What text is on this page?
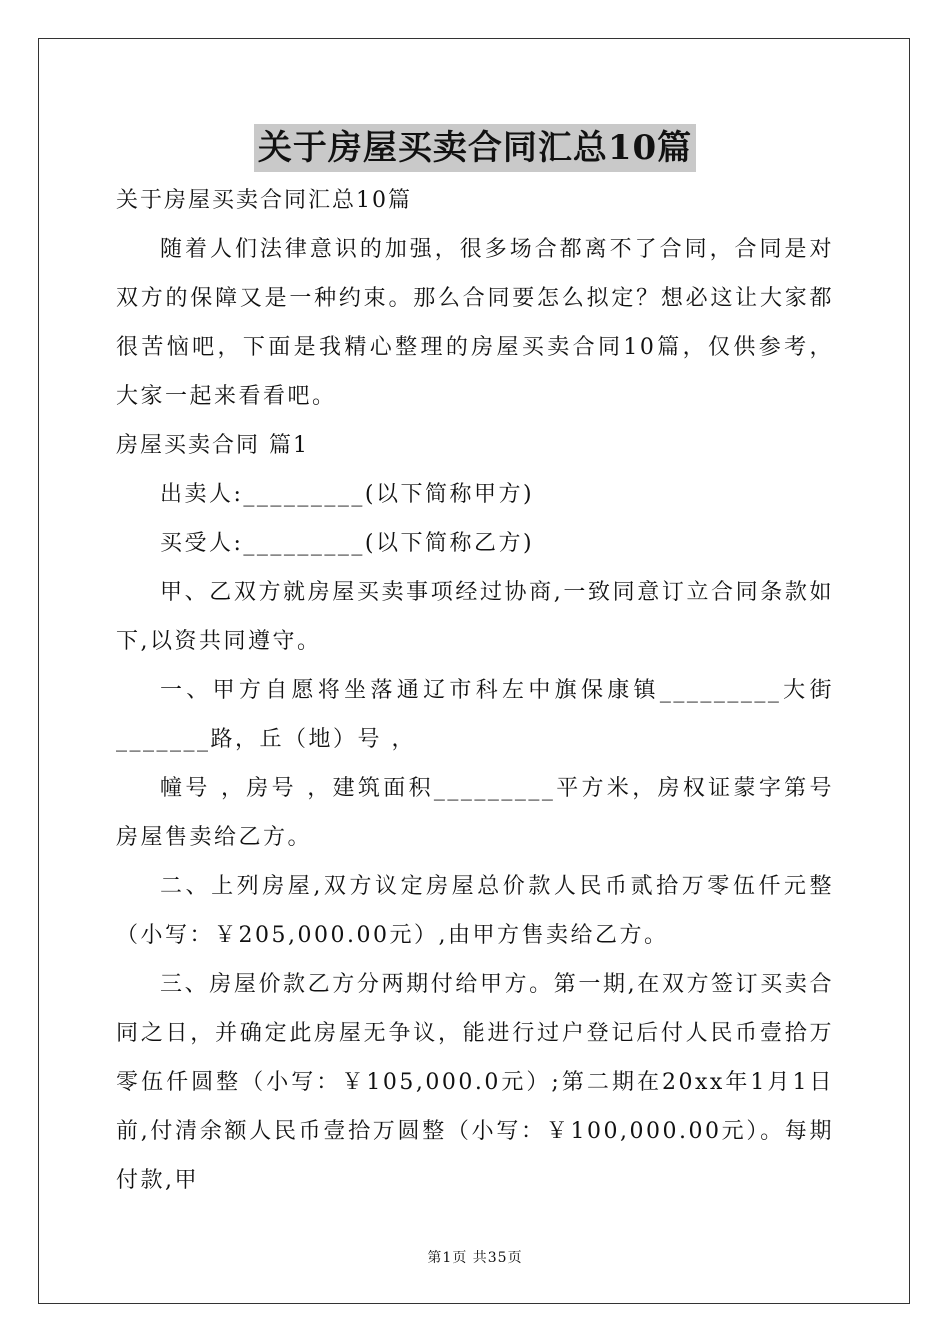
关于房屋买卖合同汇总10篇
关于房屋买卖合同汇总10篇

随着人们法律意识的加强，很多场合都离不了合同，合同是对双方的保障又是一种约束。那么合同要怎么拟定？想必这让大家都很苦恼吧，下面是我精心整理的房屋买卖合同10篇，仅供参考，大家一起来看看吧。

房屋买卖合同 篇1

出卖人:_________(以下简称甲方)

买受人:_________(以下简称乙方)

甲、乙双方就房屋买卖事项经过协商,一致同意订立合同条款如下,以资共同遵守。

一、甲方自愿将坐落通辽市科左中旗保康镇_________大街_______路，丘（地）号 ，

幢号 ，房号 ，建筑面积_________平方米，房权证蒙字第号房屋售卖给乙方。

二、上列房屋,双方议定房屋总价款人民币贰拾万零伍仟元整（小写：￥205,000.00元）,由甲方售卖给乙方。

三、房屋价款乙方分两期付给甲方。第一期,在双方签订买卖合同之日，并确定此房屋无争议，能进行过户登记后付人民币壹拾万零伍仟圆整（小写：￥105,000.0元）;第二期在20xx年1月1日前,付清余额人民币壹拾万圆整（小写：￥100,000.00元）。每期付款,甲

第1页 共35页
